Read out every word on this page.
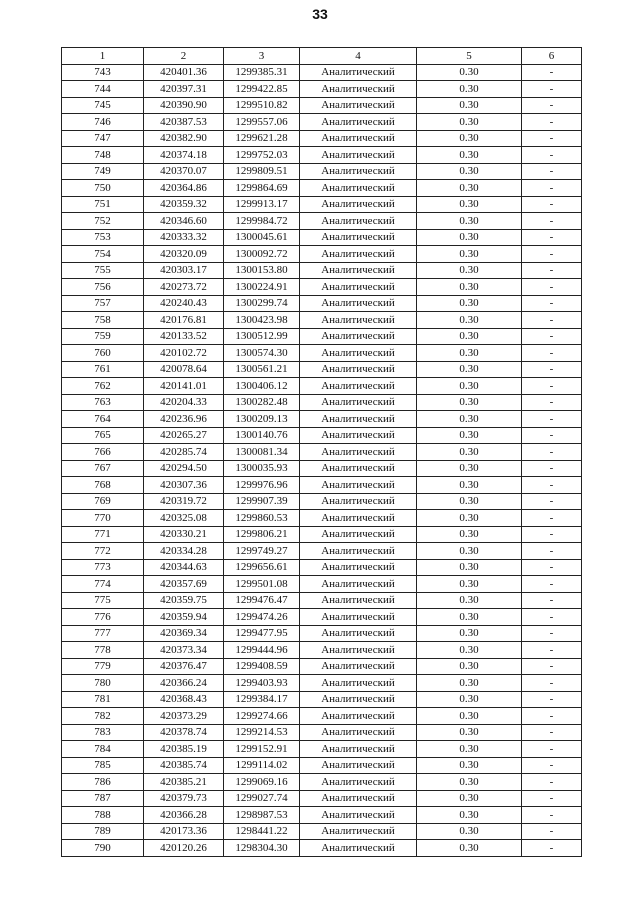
33
1	2	3	4	5	6
743	420401.36	1299385.31	Аналитический	0.30	-
744	420397.31	1299422.85	Аналитический	0.30	-
745	420390.90	1299510.82	Аналитический	0.30	-
746	420387.53	1299557.06	Аналитический	0.30	-
747	420382.90	1299621.28	Аналитический	0.30	-
748	420374.18	1299752.03	Аналитический	0.30	-
749	420370.07	1299809.51	Аналитический	0.30	-
750	420364.86	1299864.69	Аналитический	0.30	-
751	420359.32	1299913.17	Аналитический	0.30	-
752	420346.60	1299984.72	Аналитический	0.30	-
753	420333.32	1300045.61	Аналитический	0.30	-
754	420320.09	1300092.72	Аналитический	0.30	-
755	420303.17	1300153.80	Аналитический	0.30	-
756	420273.72	1300224.91	Аналитический	0.30	-
757	420240.43	1300299.74	Аналитический	0.30	-
758	420176.81	1300423.98	Аналитический	0.30	-
759	420133.52	1300512.99	Аналитический	0.30	-
760	420102.72	1300574.30	Аналитический	0.30	-
761	420078.64	1300561.21	Аналитический	0.30	-
762	420141.01	1300406.12	Аналитический	0.30	-
763	420204.33	1300282.48	Аналитический	0.30	-
764	420236.96	1300209.13	Аналитический	0.30	-
765	420265.27	1300140.76	Аналитический	0.30	-
766	420285.74	1300081.34	Аналитический	0.30	-
767	420294.50	1300035.93	Аналитический	0.30	-
768	420307.36	1299976.96	Аналитический	0.30	-
769	420319.72	1299907.39	Аналитический	0.30	-
770	420325.08	1299860.53	Аналитический	0.30	-
771	420330.21	1299806.21	Аналитический	0.30	-
772	420334.28	1299749.27	Аналитический	0.30	-
773	420344.63	1299656.61	Аналитический	0.30	-
774	420357.69	1299501.08	Аналитический	0.30	-
775	420359.75	1299476.47	Аналитический	0.30	-
776	420359.94	1299474.26	Аналитический	0.30	-
777	420369.34	1299477.95	Аналитический	0.30	-
778	420373.34	1299444.96	Аналитический	0.30	-
779	420376.47	1299408.59	Аналитический	0.30	-
780	420366.24	1299403.93	Аналитический	0.30	-
781	420368.43	1299384.17	Аналитический	0.30	-
782	420373.29	1299274.66	Аналитический	0.30	-
783	420378.74	1299214.53	Аналитический	0.30	-
784	420385.19	1299152.91	Аналитический	0.30	-
785	420385.74	1299114.02	Аналитический	0.30	-
786	420385.21	1299069.16	Аналитический	0.30	-
787	420379.73	1299027.74	Аналитический	0.30	-
788	420366.28	1298987.53	Аналитический	0.30	-
789	420173.36	1298441.22	Аналитический	0.30	-
790	420120.26	1298304.30	Аналитический	0.30	-
